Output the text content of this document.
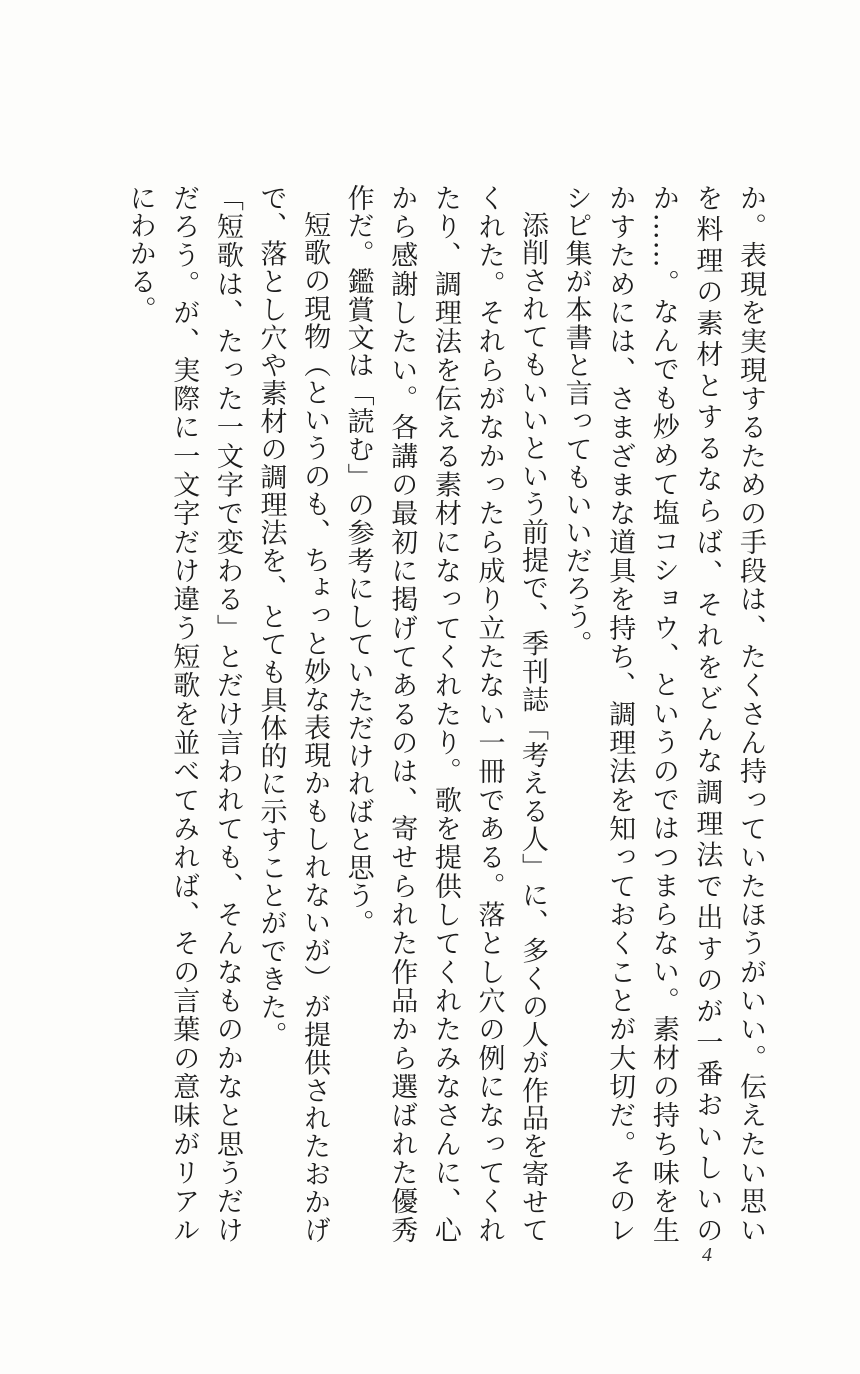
か。表現を実現するための手段は、たくさん持っていたほうがいい。伝えたい思いを料理の素材とするならば、それをどんな調理法で出すのが一番おいしいのか……。なんでも炒めて塩コショウ、というのではつまらない。素材の持ち味を生かすためには、さまざまな道具を持ち、調理法を知っておくことが大切だ。そのレシピ集が本書と言ってもいいだろう。

添削されてもいいという前提で、季刊誌「考える人」に、多くの人が作品を寄せてくれた。それらがなかったら成り立たない一冊である。落とし穴の例になってくれたり、調理法を伝える素材になってくれたり。歌を提供してくれたみなさんに、心から感謝したい。各講の最初に掲げてあるのは、寄せられた作品から選ばれた優秀作だ。鑑賞文は「読む」の参考にしていただければと思う。

短歌の現物（というのも、ちょっと妙な表現かもしれないが）が提供されたおかげで、落とし穴や素材の調理法を、とても具体的に示すことができた。

「短歌は、たった一文字で変わる」とだけ言われても、そんなものかなと思うだけだろう。が、実際に一文字だけ違う短歌を並べてみれば、その言葉の意味がリアルにわかる。

4
